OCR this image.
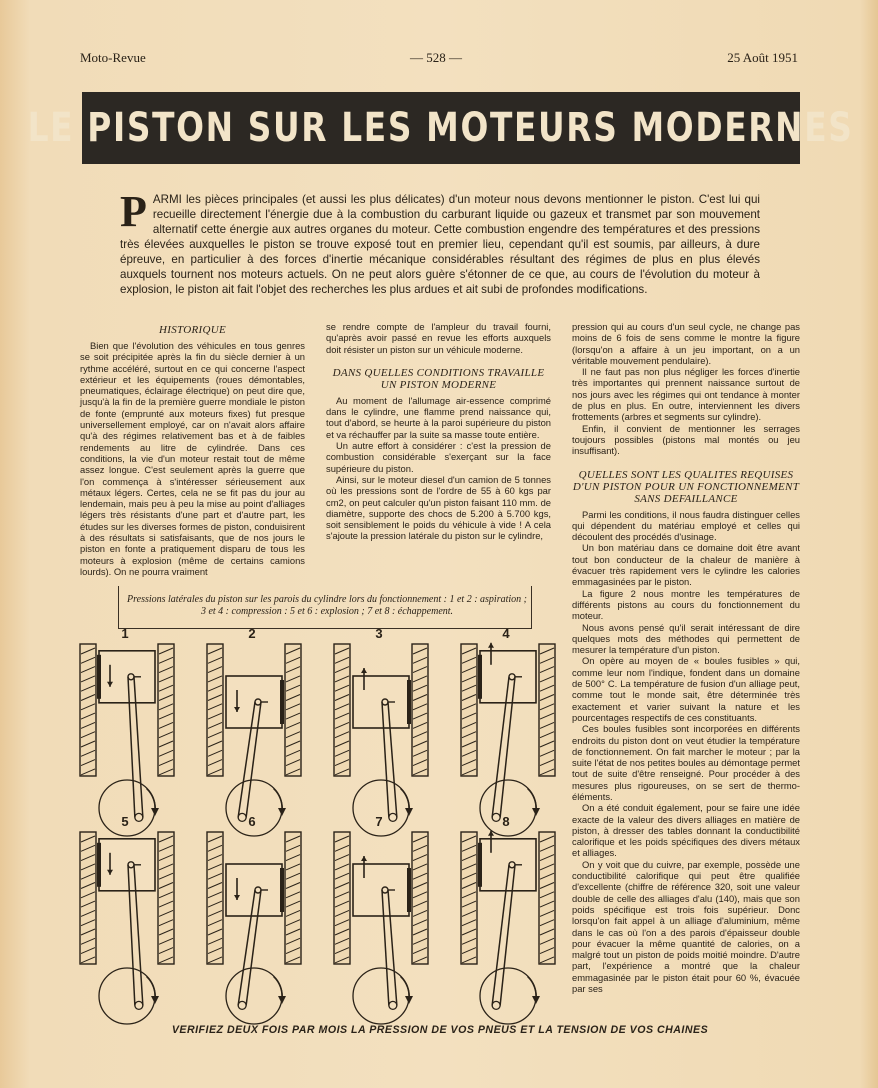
Moto-Revue	— 528 —	25 Août 1951
LE PISTON SUR LES MOTEURS MODERNES
PARMI les pièces principales (et aussi les plus délicates) d'un moteur nous devons mentionner le piston. C'est lui qui recueille directement l'énergie due à la combustion du carburant liquide ou gazeux et transmet par son mouvement alternatif cette énergie aux autres organes du moteur. Cette combustion engendre des températures et des pressions très élevées auxquelles le piston se trouve exposé tout en premier lieu, cependant qu'il est soumis, par ailleurs, à dure épreuve, en particulier à des forces d'inertie mécanique considérables résultant des régimes de plus en plus élevés auxquels tournent nos moteurs actuels. On ne peut alors guère s'étonner de ce que, au cours de l'évolution du moteur à explosion, le piston ait fait l'objet des recherches les plus ardues et ait subi de profondes modifications.
HISTORIQUE

Bien que l'évolution des véhicules en tous genres se soit précipitée après la fin du siècle dernier à un rythme accéléré, surtout en ce qui concerne l'aspect extérieur et les équipements (roues démontables, pneumatiques, éclairage électrique) on peut dire que, jusqu'à la fin de la première guerre mondiale le piston de fonte (emprunté aux moteurs fixes) fut presque universellement employé, car on n'avait alors affaire qu'à des régimes relativement bas et à de faibles rendements au litre de cylindrée. Dans ces conditions, la vie d'un moteur restait tout de même assez longue. C'est seulement après la guerre que l'on commença à s'intéresser sérieusement aux métaux légers. Certes, cela ne se fit pas du jour au lendemain, mais peu à peu la mise au point d'alliages légers très résistants d'une part et d'autre part, les études sur les diverses formes de piston, conduisirent à des résultats si satisfaisants, que de nos jours le piston en fonte a pratiquement disparu de tous les moteurs à explosion (même de certains camions lourds). On ne pourra vraiment

se rendre compte de l'ampleur du travail fourni, qu'après avoir passé en revue les efforts auxquels doit résister un piston sur un véhicule moderne.

DANS QUELLES CONDITIONS TRAVAILLE UN PISTON MODERNE

Au moment de l'allumage air-essence comprimé dans le cylindre, une flamme prend naissance qui, tout d'abord, se heurte à la paroi supérieure du piston et va réchauffer par la suite sa masse toute entière.

Un autre effort à considérer : c'est la pression de combustion considérable s'exerçant sur la face supérieure du piston.

Ainsi, sur le moteur diesel d'un camion de 5 tonnes où les pressions sont de l'ordre de 55 à 60 kgs par cm2, on peut calculer qu'un piston faisant 110 mm. de diamètre, supporte des chocs de 5.200 à 5.700 kgs, soit sensiblement le poids du véhicule à vide ! A cela s'ajoute la pression latérale du piston sur le cylindre,

pression qui au cours d'un seul cycle, ne change pas moins de 6 fois de sens comme le montre la figure (lorsqu'on a affaire à un jeu important, on a un véritable mouvement pendulaire).

Il ne faut pas non plus négliger les forces d'inertie très importantes qui prennent naissance surtout de nos jours avec les régimes qui ont tendance à monter de plus en plus. En outre, interviennent les divers frottements (arbres et segments sur cylindre).

Enfin, il convient de mentionner les serrages toujours possibles (pistons mal montés ou jeu insuffisant).

QUELLES SONT LES QUALITES REQUISES D'UN PISTON POUR UN FONCTIONNEMENT SANS DEFAILLANCE

Parmi les conditions, il nous faudra distinguer celles qui dépendent du matériau employé et celles qui découlent des procédés d'usinage.

Un bon matériau dans ce domaine doit être avant tout bon conducteur de la chaleur de manière à évacuer très rapidement vers le cylindre les calories emmagasinées par le piston.

La figure 2 nous montre les températures de différents pistons au cours du fonctionnement du moteur.

Nous avons pensé qu'il serait intéressant de dire quelques mots des méthodes qui permettent de mesurer la température d'un piston.

On opère au moyen de « boules fusibles » qui, comme leur nom l'indique, fondent dans un domaine de 500° C. La température de fusion d'un alliage peut, comme tout le monde sait, être déterminée très exactement et varier suivant la nature et les pourcentages respectifs de ces constituants.

Ces boules fusibles sont incorporées en différents endroits du piston dont on veut étudier la température de fonctionnement. On fait marcher le moteur ; par la suite l'état de nos petites boules au démontage permet tout de suite d'être renseigné. Pour procéder à des mesures plus rigoureuses, on se sert de thermo-éléments.

On a été conduit également, pour se faire une idée exacte de la valeur des divers alliages en matière de piston, à dresser des tables donnant la conductibilité calorifique et les poids spécifiques des divers métaux et alliages.

On y voit que du cuivre, par exemple, possède une conductibilité calorifique qui peut être qualifiée d'excellente (chiffre de référence 320, soit une valeur double de celle des alliages d'alu (140), mais que son poids spécifique est trois fois supérieur. Donc lorsqu'on fait appel à un alliage d'aluminium, même dans le cas où l'on a des parois d'épaisseur double pour évacuer la même quantité de calories, on a malgré tout un piston de poids moitié moindre. D'autre part, l'expérience a montré que la chaleur emmagasinée par le piston était pour 60 %, évacuée par ses

Pressions latérales du piston sur les parois du cylindre lors du fonctionnement : 1 et 2 : aspiration ; 3 et 4 : compression : 5 et 6 : explosion ; 7 et 8 : échappement.
1	2	3	4
5	6	7	8
VERIFIEZ DEUX FOIS PAR MOIS LA PRESSION DE VOS PNEUS ET LA TENSION DE VOS CHAINES
